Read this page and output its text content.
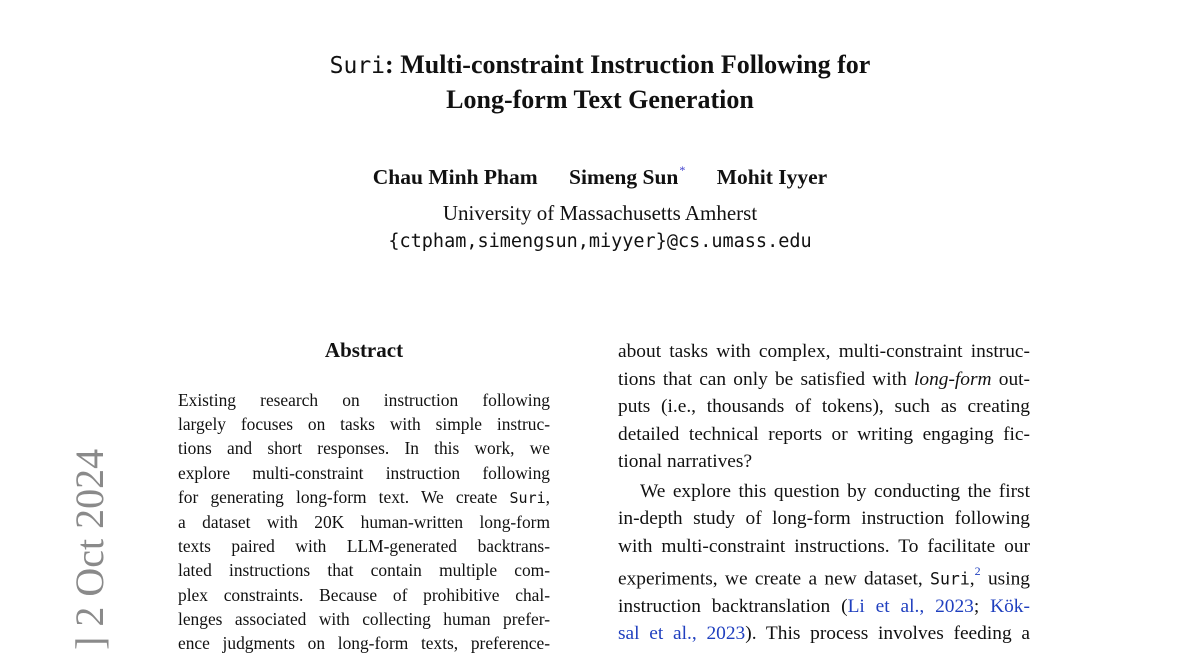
Suri: Multi-constraint Instruction Following for
Long-form Text Generation
Chau Minh Pham Simeng Sun* Mohit Iyyer
University of Massachusetts Amherst
{ctpham,simengsun,miyyer}@cs.umass.edu
] 2 Oct 2024
Abstract
Existing research on instruction following
largely focuses on tasks with simple instruc-
tions and short responses. In this work, we
explore multi-constraint instruction following
for generating long-form text. We create Suri,
a dataset with 20K human-written long-form
texts paired with LLM-generated backtrans-
lated instructions that contain multiple com-
plex constraints. Because of prohibitive chal-
lenges associated with collecting human prefer-
ence judgments on long-form texts, preference-
about tasks with complex, multi-constraint instruc-
tions that can only be satisfied with long-form out-
puts (i.e., thousands of tokens), such as creating
detailed technical reports or writing engaging fic-
tional narratives?
We explore this question by conducting the first
in-depth study of long-form instruction following
with multi-constraint instructions. To facilitate our
experiments, we create a new dataset, Suri,$^2$ using
instruction backtranslation (Li et al., 2023; Kök-
sal et al., 2023). This process involves feeding a
